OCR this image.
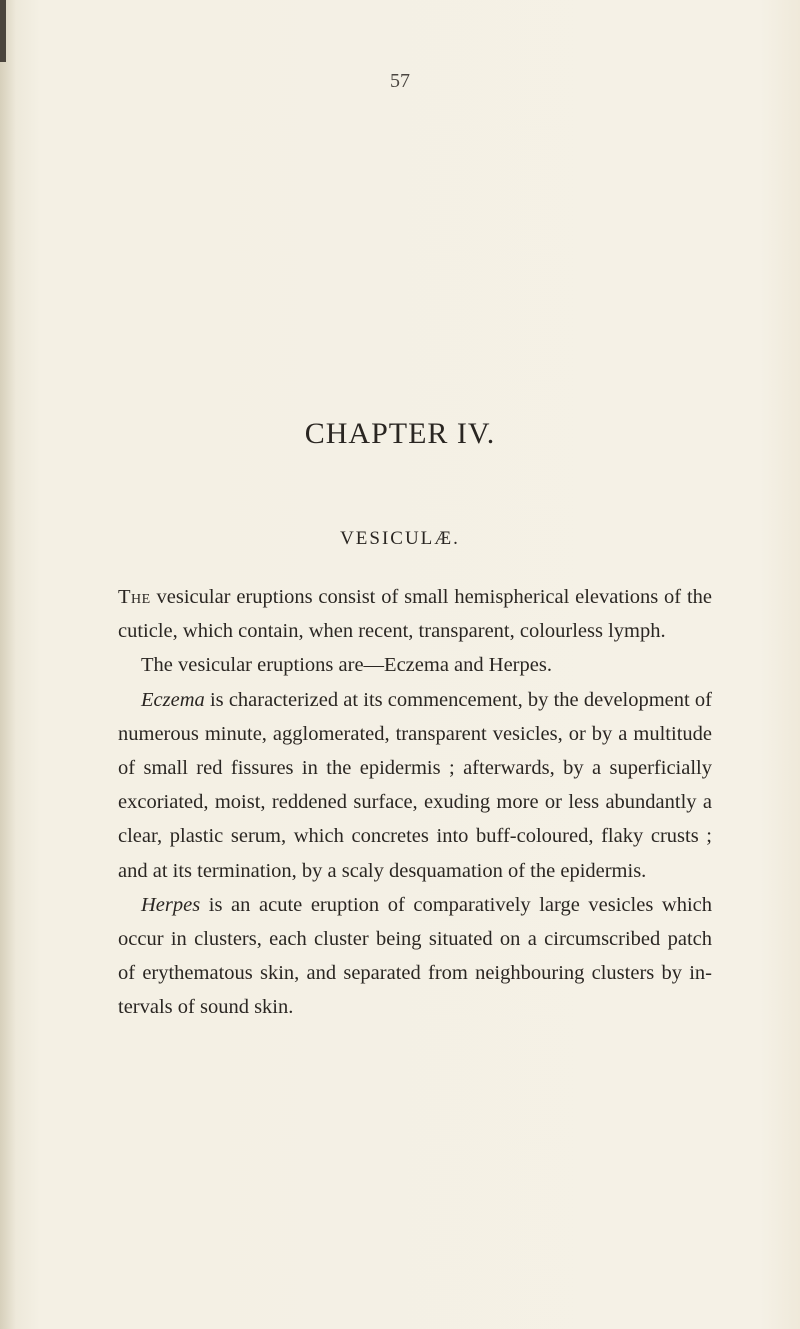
57
CHAPTER IV.
VESICULÆ.

The vesicular eruptions consist of small hemispherical elevations of the cuticle, which contain, when recent, transparent, colourless lymph.

The vesicular eruptions are—Eczema and Herpes.

Eczema is characterized at its commencement, by the development of numerous minute, agglomerated, transparent vesicles, or by a multitude of small red fissures in the epidermis ; afterwards, by a superficially excoriated, moist, reddened surface, exuding more or less abundantly a clear, plastic serum, which concretes into buff-coloured, flaky crusts ; and at its termination, by a scaly desquamation of the epidermis.

Herpes is an acute eruption of comparatively large vesicles which occur in clusters, each cluster being situated on a circumscribed patch of erythematous skin, and separated from neighbouring clusters by intervals of sound skin.
